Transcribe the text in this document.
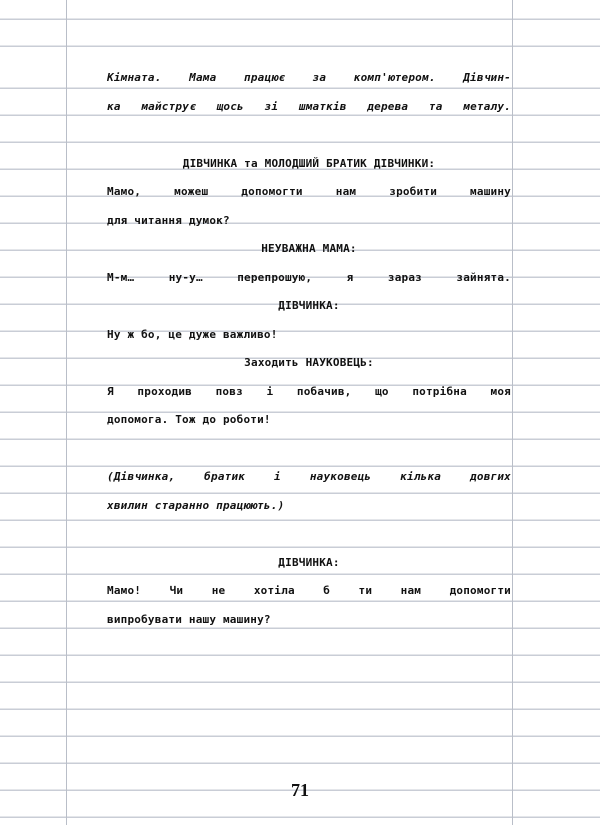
Кімната. Мама працює за комп'ютером. Дівчин-
ка майструє щось зі шматків дерева та металу.
ДІВЧИНКА та МОЛОДШИЙ БРАТИК ДІВЧИНКИ:
Мамо, можеш допомогти нам зробити машину
для читання думок?
НЕУВАЖНА МАМА:
М-м… ну-у… перепрошую, я зараз зайнята.
ДІВЧИНКА:
Ну ж бо, це дуже важливо!
Заходить НАУКОВЕЦЬ:
Я проходив повз і побачив, що потрібна моя
допомога. Тож до роботи!
(Дівчинка, братик і науковець кілька довгих
хвилин старанно працюють.)
ДІВЧИНКА:
Мамо! Чи не хотіла б ти нам допомогти
випробувати нашу машину?
71
